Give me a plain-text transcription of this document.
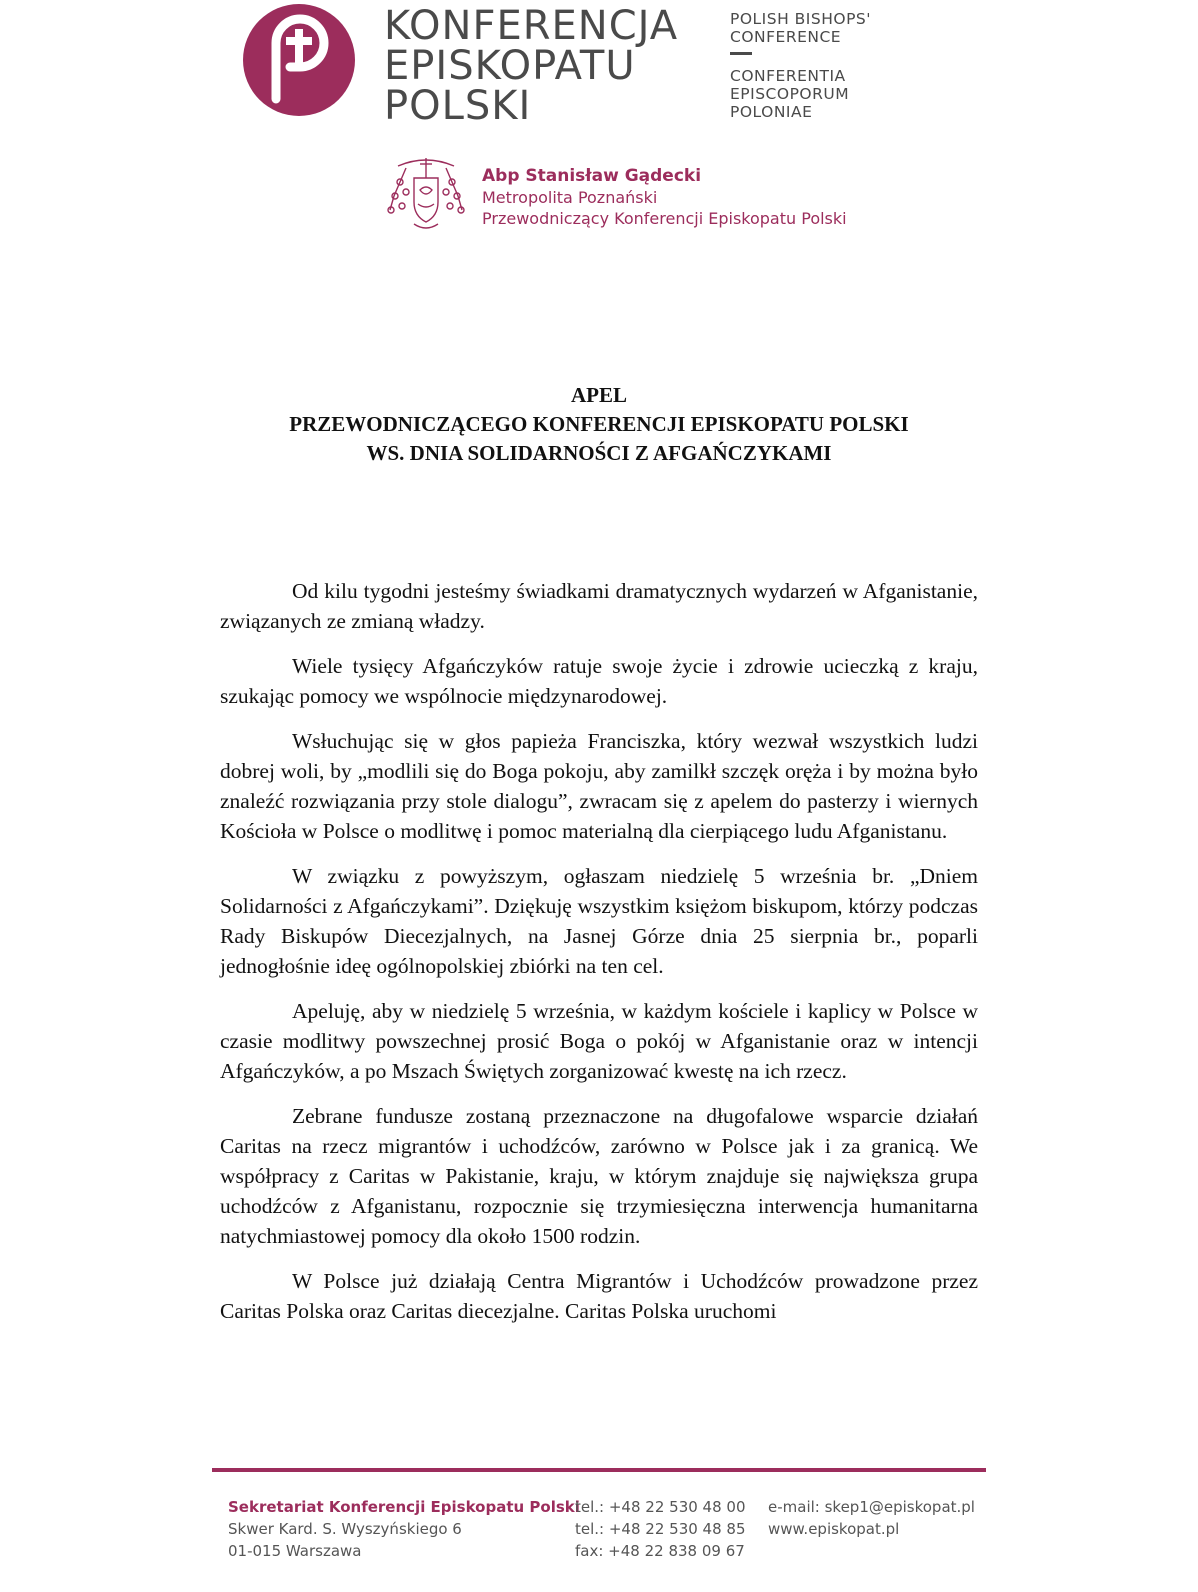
KONFERENCJA
EPISKOPATU
POLSKI
POLISH BISHOPS'
CONFERENCE
CONFERENTIA
EPISCOPORUM
POLONIAE
Abp Stanisław Gądecki
Metropolita Poznański
Przewodniczący Konferencji Episkopatu Polski
APEL
PRZEWODNICZĄCEGO KONFERENCJI EPISKOPATU POLSKI
WS. DNIA SOLIDARNOŚCI Z AFGAŃCZYKAMI

Od kilu tygodni jesteśmy świadkami dramatycznych wydarzeń w Afganistanie, związanych ze zmianą władzy.

Wiele tysięcy Afgańczyków ratuje swoje życie i zdrowie ucieczką z kraju, szukając pomocy we wspólnocie międzynarodowej.

Wsłuchując się w głos papieża Franciszka, który wezwał wszystkich ludzi dobrej woli, by „modlili się do Boga pokoju, aby zamilkł szczęk oręża i by można było znaleźć rozwiązania przy stole dialogu”, zwracam się z apelem do pasterzy i wiernych Kościoła w Polsce o modlitwę i pomoc materialną dla cierpiącego ludu Afganistanu.

W związku z powyższym, ogłaszam niedzielę 5 września br. „Dniem Solidarności z Afgańczykami”. Dziękuję wszystkim księżom biskupom, którzy podczas Rady Biskupów Diecezjalnych, na Jasnej Górze dnia 25 sierpnia br., poparli jednogłośnie ideę ogólnopolskiej zbiórki na ten cel.

Apeluję, aby w niedzielę 5 września, w każdym kościele i kaplicy w Polsce w czasie modlitwy powszechnej prosić Boga o pokój w Afganistanie oraz w intencji Afgańczyków, a po Mszach Świętych zorganizować kwestę na ich rzecz.

Zebrane fundusze zostaną przeznaczone na długofalowe wsparcie działań Caritas na rzecz migrantów i uchodźców, zarówno w Polsce jak i za granicą. We współpracy z Caritas w Pakistanie, kraju, w którym znajduje się największa grupa uchodźców z Afganistanu, rozpocznie się trzymiesięczna interwencja humanitarna natychmiastowej pomocy dla około 1500 rodzin.

W Polsce już działają Centra Migrantów i Uchodźców prowadzone przez Caritas Polska oraz Caritas diecezjalne. Caritas Polska uruchomi

Sekretariat Konferencji Episkopatu Polski
Skwer Kard. S. Wyszyńskiego 6
01-015 Warszawa
tel.: +48 22 530 48 00
tel.: +48 22 530 48 85
fax: +48 22 838 09 67
e-mail: skep1@episkopat.pl
www.episkopat.pl
